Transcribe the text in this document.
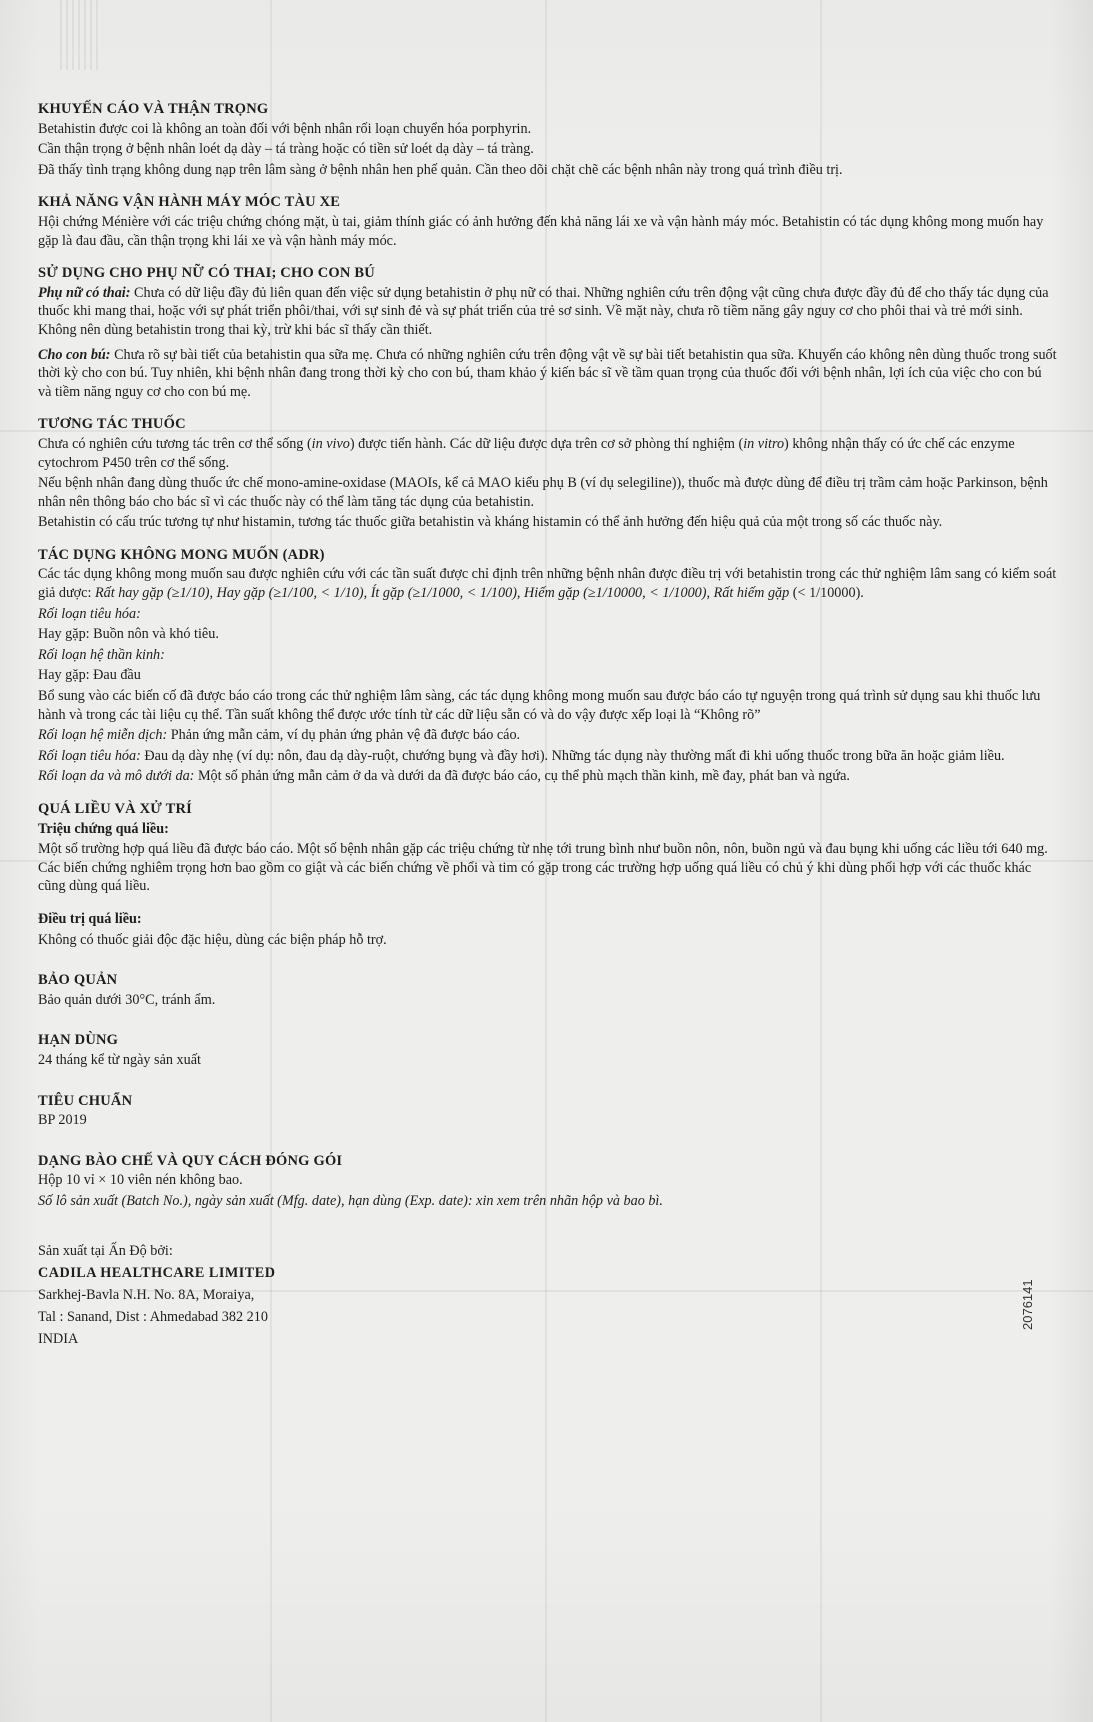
KHUYẾN CÁO VÀ THẬN TRỌNG

Betahistin được coi là không an toàn đối với bệnh nhân rối loạn chuyển hóa porphyrin.

Cần thận trọng ở bệnh nhân loét dạ dày – tá tràng hoặc có tiền sử loét dạ dày – tá tràng.

Đã thấy tình trạng không dung nạp trên lâm sàng ở bệnh nhân hen phế quản. Cần theo dõi chặt chẽ các bệnh nhân này trong quá trình điều trị.

KHẢ NĂNG VẬN HÀNH MÁY MÓC TÀU XE

Hội chứng Ménière với các triệu chứng chóng mặt, ù tai, giảm thính giác có ảnh hưởng đến khả năng lái xe và vận hành máy móc. Betahistin có tác dụng không mong muốn hay gặp là đau đầu, cần thận trọng khi lái xe và vận hành máy móc.

SỬ DỤNG CHO PHỤ NỮ CÓ THAI; CHO CON BÚ

Phụ nữ có thai: Chưa có dữ liệu đầy đủ liên quan đến việc sử dụng betahistin ở phụ nữ có thai. Những nghiên cứu trên động vật cũng chưa được đầy đủ để cho thấy tác dụng của thuốc khi mang thai, hoặc với sự phát triển phôi/thai, với sự sinh đẻ và sự phát triển của trẻ sơ sinh. Về mặt này, chưa rõ tiềm năng gây nguy cơ cho phôi thai và trẻ mới sinh. Không nên dùng betahistin trong thai kỳ, trừ khi bác sĩ thấy cần thiết.

Cho con bú: Chưa rõ sự bài tiết của betahistin qua sữa mẹ. Chưa có những nghiên cứu trên động vật về sự bài tiết betahistin qua sữa. Khuyến cáo không nên dùng thuốc trong suốt thời kỳ cho con bú. Tuy nhiên, khi bệnh nhân đang trong thời kỳ cho con bú, tham khảo ý kiến bác sĩ về tầm quan trọng của thuốc đối với bệnh nhân, lợi ích của việc cho con bú và tiềm năng nguy cơ cho con bú mẹ.

TƯƠNG TÁC THUỐC

Chưa có nghiên cứu tương tác trên cơ thể sống (in vivo) được tiến hành. Các dữ liệu được dựa trên cơ sở phòng thí nghiệm (in vitro) không nhận thấy có ức chế các enzyme cytochrom P450 trên cơ thể sống.

Nếu bệnh nhân đang dùng thuốc ức chế mono-amine-oxidase (MAOIs, kể cả MAO kiểu phụ B (ví dụ selegiline)), thuốc mà được dùng để điều trị trầm cảm hoặc Parkinson, bệnh nhân nên thông báo cho bác sĩ vì các thuốc này có thể làm tăng tác dụng của betahistin.

Betahistin có cấu trúc tương tự như histamin, tương tác thuốc giữa betahistin và kháng histamin có thể ảnh hưởng đến hiệu quả của một trong số các thuốc này.

TÁC DỤNG KHÔNG MONG MUỐN (ADR)

Các tác dụng không mong muốn sau được nghiên cứu với các tần suất được chỉ định trên những bệnh nhân được điều trị với betahistin trong các thử nghiệm lâm sang có kiểm soát giả dược: Rất hay gặp (≥1/10), Hay gặp (≥1/100, < 1/10), Ít gặp (≥1/1000, < 1/100), Hiếm gặp (≥1/10000, < 1/1000), Rất hiếm gặp (< 1/10000).

Rối loạn tiêu hóa:

Hay gặp: Buồn nôn và khó tiêu.

Rối loạn hệ thần kinh:

Hay gặp: Đau đầu

Bổ sung vào các biến cố đã được báo cáo trong các thử nghiệm lâm sàng, các tác dụng không mong muốn sau được báo cáo tự nguyện trong quá trình sử dụng sau khi thuốc lưu hành và trong các tài liệu cụ thể. Tần suất không thể được ước tính từ các dữ liệu sẵn có và do vậy được xếp loại là “Không rõ”

Rối loạn hệ miễn dịch: Phản ứng mẫn cảm, ví dụ phản ứng phản vệ đã được báo cáo.

Rối loạn tiêu hóa: Đau dạ dày nhẹ (ví dụ: nôn, đau dạ dày-ruột, chướng bụng và đầy hơi). Những tác dụng này thường mất đi khi uống thuốc trong bữa ăn hoặc giảm liều.

Rối loạn da và mô dưới da: Một số phản ứng mẫn cảm ở da và dưới da đã được báo cáo, cụ thể phù mạch thần kinh, mề đay, phát ban và ngứa.

QUÁ LIỀU VÀ XỬ TRÍ

Triệu chứng quá liều:

Một số trường hợp quá liều đã được báo cáo. Một số bệnh nhân gặp các triệu chứng từ nhẹ tới trung bình như buồn nôn, nôn, buồn ngủ và đau bụng khi uống các liều tới 640 mg. Các biến chứng nghiêm trọng hơn bao gồm co giật và các biến chứng về phổi và tim có gặp trong các trường hợp uống quá liều có chủ ý khi dùng phối hợp với các thuốc khác cũng dùng quá liều.

Điều trị quá liều:

Không có thuốc giải độc đặc hiệu, dùng các biện pháp hỗ trợ.

BẢO QUẢN

Bảo quản dưới 30°C, tránh ẩm.

HẠN DÙNG

24 tháng kể từ ngày sản xuất

TIÊU CHUẨN

BP 2019

DẠNG BÀO CHẾ VÀ QUY CÁCH ĐÓNG GÓI

Hộp 10 vỉ × 10 viên nén không bao.

Số lô sản xuất (Batch No.), ngày sản xuất (Mfg. date), hạn dùng (Exp. date): xin xem trên nhãn hộp và bao bì.

Sản xuất tại Ấn Độ bởi:

CADILA HEALTHCARE LIMITED

Sarkhej-Bavla N.H. No. 8A, Moraiya,

Tal : Sanand, Dist : Ahmedabad 382 210

INDIA

2076141
